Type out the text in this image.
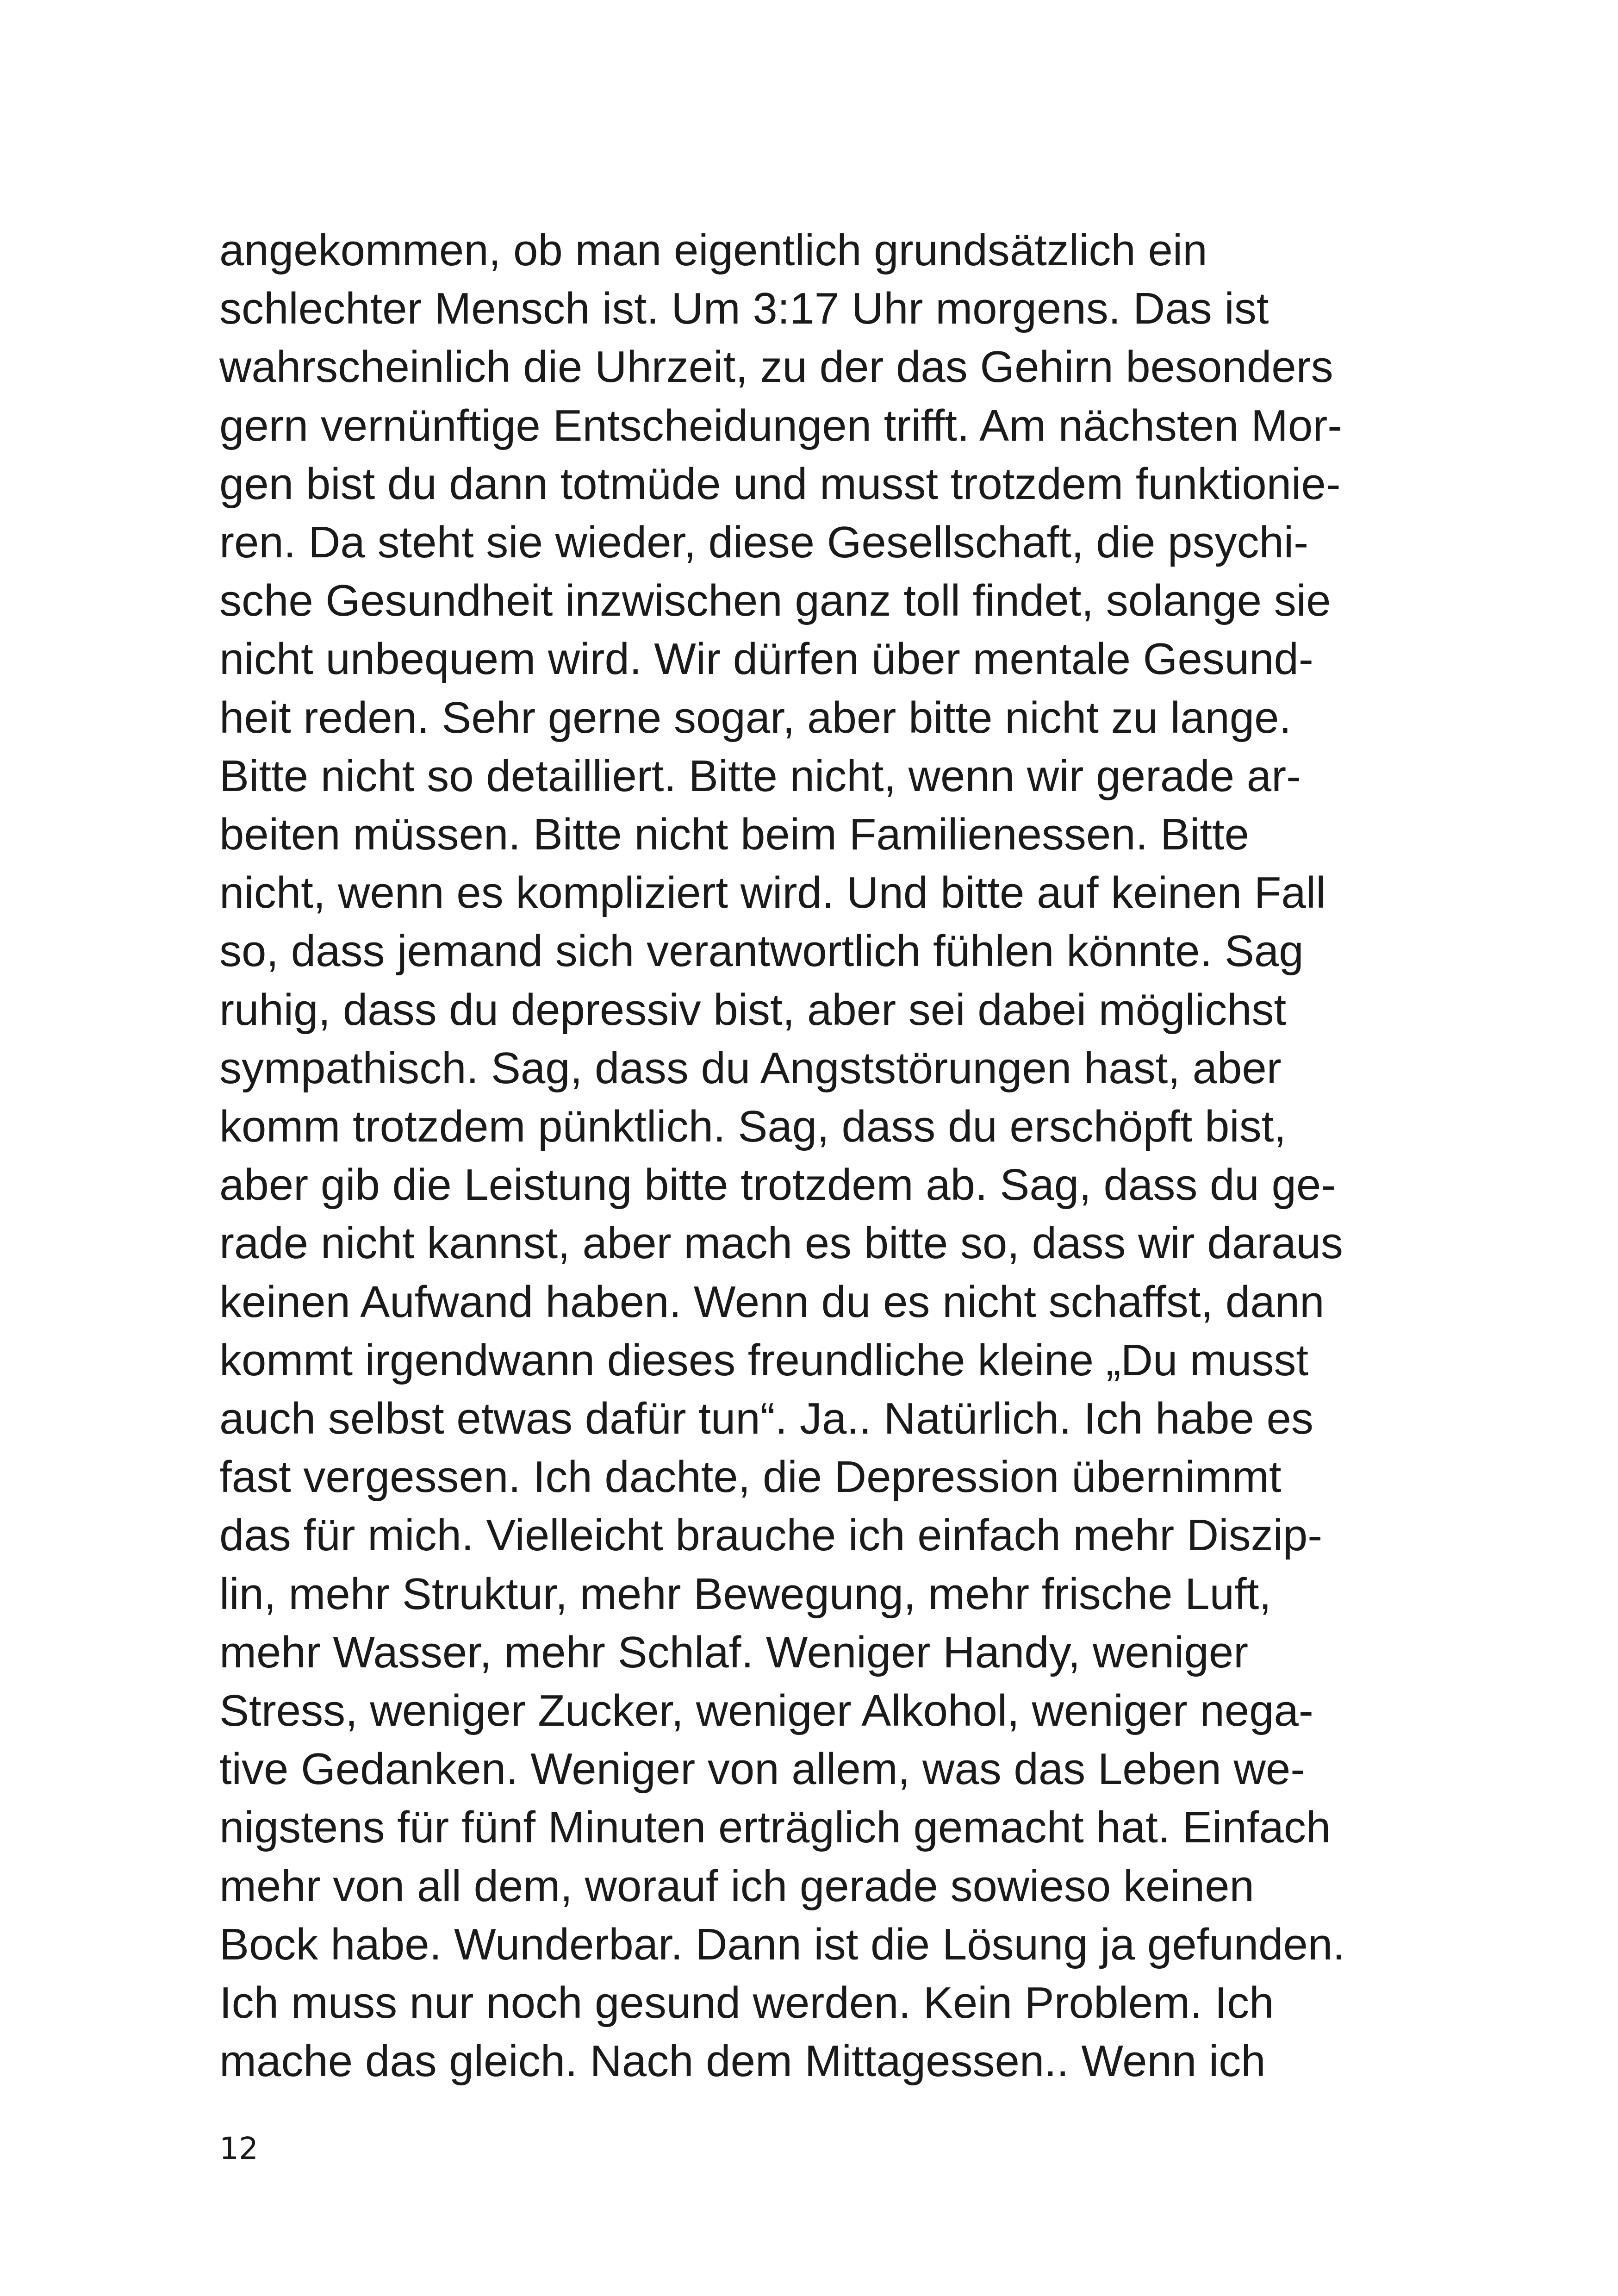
angekommen, ob man eigentlich grundsätzlich ein
schlechter Mensch ist. Um 3:17 Uhr morgens. Das ist
wahrscheinlich die Uhrzeit, zu der das Gehirn besonders
gern vernünftige Entscheidungen trifft. Am nächsten Mor-
gen bist du dann totmüde und musst trotzdem funktionie-
ren. Da steht sie wieder, diese Gesellschaft, die psychi-
sche Gesundheit inzwischen ganz toll findet, solange sie
nicht unbequem wird. Wir dürfen über mentale Gesund-
heit reden. Sehr gerne sogar, aber bitte nicht zu lange.
Bitte nicht so detailliert. Bitte nicht, wenn wir gerade ar-
beiten müssen. Bitte nicht beim Familienessen. Bitte
nicht, wenn es kompliziert wird. Und bitte auf keinen Fall
so, dass jemand sich verantwortlich fühlen könnte. Sag
ruhig, dass du depressiv bist, aber sei dabei möglichst
sympathisch. Sag, dass du Angststörungen hast, aber
komm trotzdem pünktlich. Sag, dass du erschöpft bist,
aber gib die Leistung bitte trotzdem ab. Sag, dass du ge-
rade nicht kannst, aber mach es bitte so, dass wir daraus
keinen Aufwand haben. Wenn du es nicht schaffst, dann
kommt irgendwann dieses freundliche kleine „Du musst
auch selbst etwas dafür tun“. Ja.. Natürlich. Ich habe es
fast vergessen. Ich dachte, die Depression übernimmt
das für mich. Vielleicht brauche ich einfach mehr Diszip-
lin, mehr Struktur, mehr Bewegung, mehr frische Luft,
mehr Wasser, mehr Schlaf. Weniger Handy, weniger
Stress, weniger Zucker, weniger Alkohol, weniger nega-
tive Gedanken. Weniger von allem, was das Leben we-
nigstens für fünf Minuten erträglich gemacht hat. Einfach
mehr von all dem, worauf ich gerade sowieso keinen
Bock habe. Wunderbar. Dann ist die Lösung ja gefunden.
Ich muss nur noch gesund werden. Kein Problem. Ich
mache das gleich. Nach dem Mittagessen.. Wenn ich
12
